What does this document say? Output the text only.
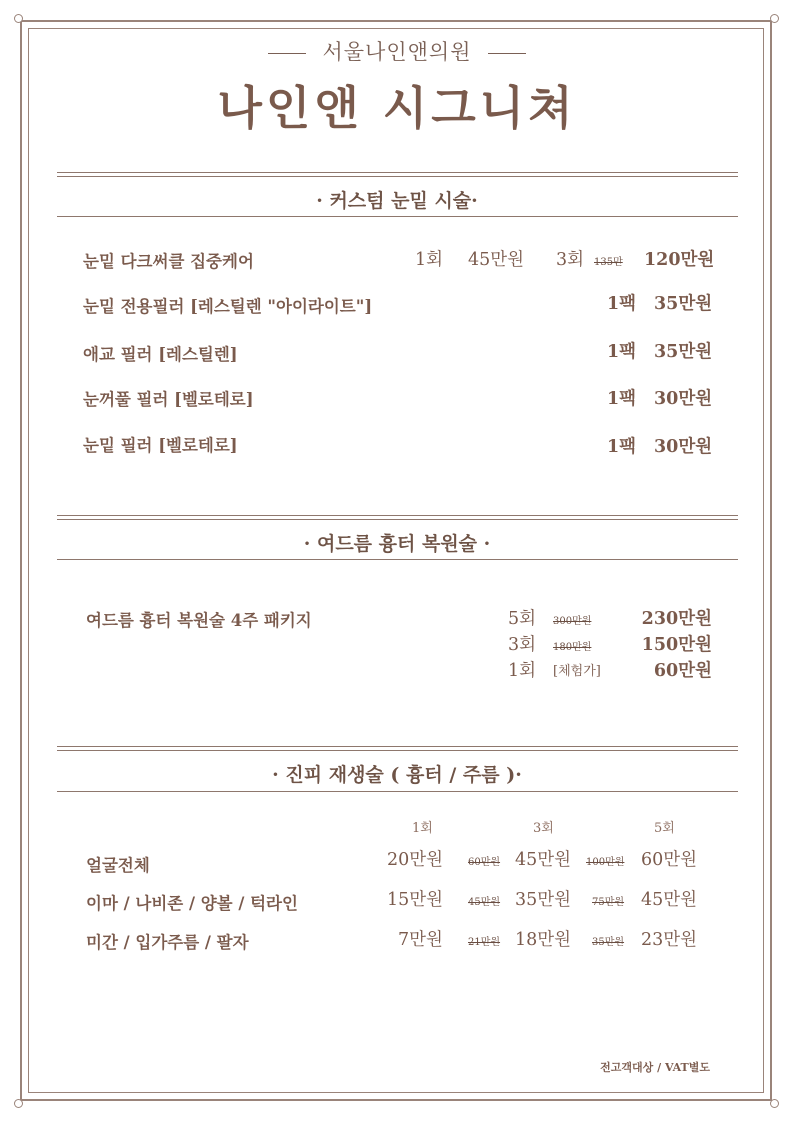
서울나인앤의원
나인앤 시그니쳐
· 커스텀 눈밑 시술·
눈밑 다크써클 집중케어	1회 45만원 3회 135만 120만원
눈밑 전용필러 [레스틸렌 "아이라이트"]	1팩 35만원
애교 필러 [레스틸렌]	1팩 35만원
눈꺼풀 필러 [벨로테로]	1팩 30만원
눈밑 필러 [벨로테로]	1팩 30만원
· 여드름 흉터 복원술 ·
여드름 흉터 복원술 4주 패키지	5회 300만원	230만원
3회 180만원	150만원
1회 [체험가]	60만원
· 진피 재생술 ( 흉터 / 주름 )·
1회	3회	5회
얼굴전체	20만원 60만원 45만원 100만원 60만원
이마 / 나비존 / 양볼 / 턱라인	15만원 45만원 35만원 75만원 45만원
미간 / 입가주름 / 팔자	7만원	21만원 18만원 35만원 23만원
전고객대상 / VAT별도
